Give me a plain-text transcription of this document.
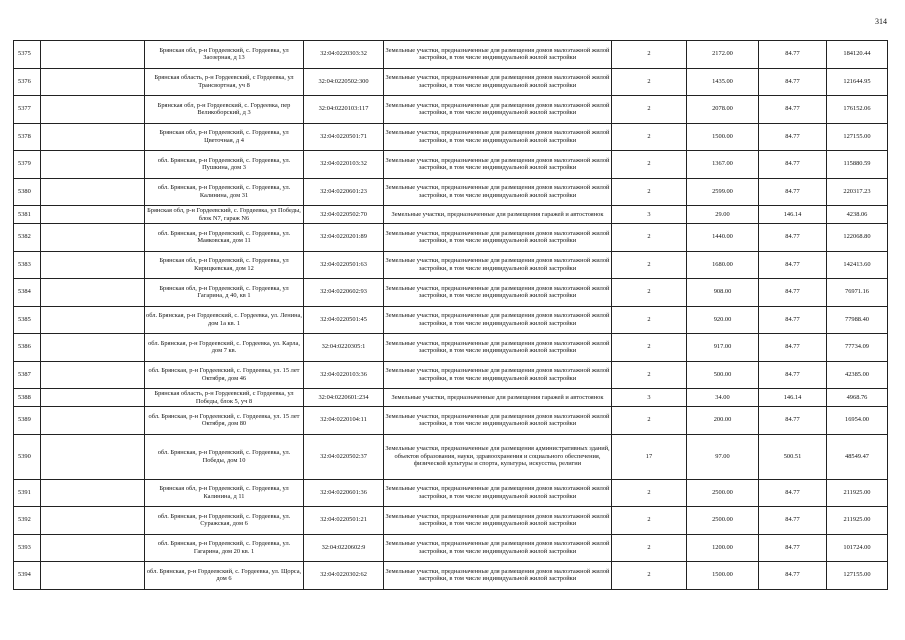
314
5375		Брянская обл, р-н Гордеевский, с. Гордеевка, ул Заозерная, д 13	32:04:0220303:32	Земельные участки, предназначенные для размещения домов малоэтажной жилой застройки, в том числе индивидуальной жилой застройки	2	2172.00	84.77	184120.44
5376		Брянская область, р-н Гордеевский, с Гордеевка, ул Трансвортная, уч 8	32:04:0220502:300	Земельные участки, предназначенные для размещения домов малоэтажной жилой застройки, в том числе индивидуальной жилой застройки	2	1435.00	84.77	121644.95
5377		Брянская обл, р-н Гордеевский, с. Гордеевка, пер Великоборский, д 3	32:04:0220103:117	Земельные участки, предназначенные для размещения домов малоэтажной жилой застройки, в том числе индивидуальной жилой застройки	2	2078.00	84.77	176152.06
5378		Брянская обл, р-н Гордеевский, с. Гордеевка, ул Цветочная, д 4	32:04:0220501:71	Земельные участки, предназначенные для размещения домов малоэтажной жилой застройки, в том числе индивидуальной жилой застройки	2	1500.00	84.77	127155.00
5379		обл. Брянская, р-н Гордеевский, с. Гордеевка, ул. Пушкина, дом 3	32:04:0220103:32	Земельные участки, предназначенные для размещения домов малоэтажной жилой застройки, в том числе индивидуальной жилой застройки	2	1367.00	84.77	115880.59
5380		обл. Брянская, р-н Гордеевский, с. Гордеевка, ул. Калинина, дом 31	32:04:0220601:23	Земельные участки, предназначенные для размещения домов малоэтажной жилой застройки, в том числе индивидуальной жилой застройки	2	2599.00	84.77	220317.23
5381		Брянская обл, р-н Гордеевский, с. Гордеевка, ул Победы, блок N7, гараж N6	32:04:0220502:70	Земельные участки, предназначенные для размещения гаражей и автостоянок	3	29.00	146.14	4238.06
5382		обл. Брянская, р-н Гордеевский, с. Гордеевка, ул. Маяковская, дом 11	32:04:0220201:89	Земельные участки, предназначенные для размещения домов малоэтажной жилой застройки, в том числе индивидуальной жилой застройки	2	1440.00	84.77	122068.80
5383		Брянская обл, р-н Гордеевский, с. Гордеевка, ул Кирицкевская, дом 12	32:04:0220501:63	Земельные участки, предназначенные для размещения домов малоэтажной жилой застройки, в том числе индивидуальной жилой застройки	2	1680.00	84.77	142413.60
5384		Брянская обл, р-н Гордеевский, с. Гордеевка, ул Гагарина, д 40, кв 1	32:04:0220602:93	Земельные участки, предназначенные для размещения домов малоэтажной жилой застройки, в том числе индивидуальной жилой застройки	2	908.00	84.77	76971.16
5385		обл. Брянская, р-н Гордеевский, с. Гордеевка, ул. Ленина, дом 1а кв. 1	32:04:0220501:45	Земельные участки, предназначенные для размещения домов малоэтажной жилой застройки, в том числе индивидуальной жилой застройки	2	920.00	84.77	77988.40
5386		обл. Брянская, р-н Гордеевский, с. Гордеевка, ул. Карла, дом 7 кв.	32:04:0220305:1	Земельные участки, предназначенные для размещения домов малоэтажной жилой застройки, в том числе индивидуальной жилой застройки	2	917.00	84.77	77734.09
5387		обл. Брянская, р-н Гордеевский, с. Гордеевка, ул. 15 лет Октября, дом 46	32:04:0220103:36	Земельные участки, предназначенные для размещения домов малоэтажной жилой застройки, в том числе индивидуальной жилой застройки	2	500.00	84.77	42385.00
5388		Брянская область, р-н Гордеевский, с Гордеевка, ул Победы, блок 5, уч 8	32:04:0220601:234	Земельные участки, предназначенные для размещения гаражей и автостоянок	3	34.00	146.14	4968.76
5389		обл. Брянская, р-н Гордеевский, с. Гордеевка, ул. 15 лет Октября, дом 80	32:04:0220104:11	Земельные участки, предназначенные для размещения домов малоэтажной жилой застройки, в том числе индивидуальной жилой застройки	2	200.00	84.77	16954.00
5390		обл. Брянская, р-н Гордеевский, с. Гордеевка, ул. Победы, дом 10	32:04:0220502:37	Земельные участки, предназначенные для размещения административных зданий, объектов образования, науки, здравоохранения и социального обеспечения, физической культуры и спорта, культуры, искусства, религии	17	97.00	500.51	48549.47
5391		Брянская обл, р-н Гордеевский, с. Гордеевка, ул Калинина, д 11	32:04:0220601:36	Земельные участки, предназначенные для размещения домов малоэтажной жилой застройки, в том числе индивидуальной жилой застройки	2	2500.00	84.77	211925.00
5392		обл. Брянская, р-н Гордеевский, с. Гордеевка, ул. Суражская, дом 6	32:04:0220501:21	Земельные участки, предназначенные для размещения домов малоэтажной жилой застройки, в том числе индивидуальной жилой застройки	2	2500.00	84.77	211925.00
5393		обл. Брянская, р-н Гордеевский, с. Гордеевка, ул. Гагарина, дом 20 кв. 1	32:04:0220602:9	Земельные участки, предназначенные для размещения домов малоэтажной жилой застройки, в том числе индивидуальной жилой застройки	2	1200.00	84.77	101724.00
5394		обл. Брянская, р-н Гордеевский, с. Гордеевка, ул. Щорса, дом 6	32:04:0220302:62	Земельные участки, предназначенные для размещения домов малоэтажной жилой застройки, в том числе индивидуальной жилой застройки	2	1500.00	84.77	127155.00
